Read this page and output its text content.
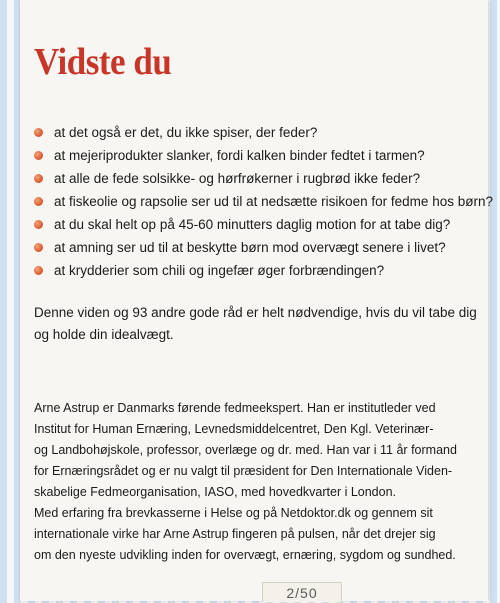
Vidste du
at det også er det, du ikke spiser, der feder?
at mejeriprodukter slanker, fordi kalken binder fedtet i tarmen?
at alle de fede solsikke- og hørfrøkerner i rugbrød ikke feder?
at fiskeolie og rapsolie ser ud til at nedsætte risikoen for fedme hos børn?
at du skal helt op på 45-60 minutters daglig motion for at tabe dig?
at amning ser ud til at beskytte børn mod overvægt senere i livet?
at krydderier som chili og ingefær øger forbrændingen?

Denne viden og 93 andre gode råd er helt nødvendige, hvis du vil tabe dig og holde din idealvægt.

Arne Astrup er Danmarks førende fedmeekspert. Han er institutleder ved
Institut for Human Ernæring, Levnedsmiddelcentret, Den Kgl. Veterinær-
og Landbohøjskole, professor, overlæge og dr. med. Han var i 11 år formand
for Ernæringsrådet og er nu valgt til præsident for Den Internationale Viden-
skabelige Fedmeorganisation, IASO, med hovedkvarter i London.
Med erfaring fra brevkasserne i Helse og på Netdoktor.dk og gennem sit
internationale virke har Arne Astrup fingeren på pulsen, når det drejer sig
om den nyeste udvikling inden for overvægt, ernæring, sygdom og sundhed.

2/50
